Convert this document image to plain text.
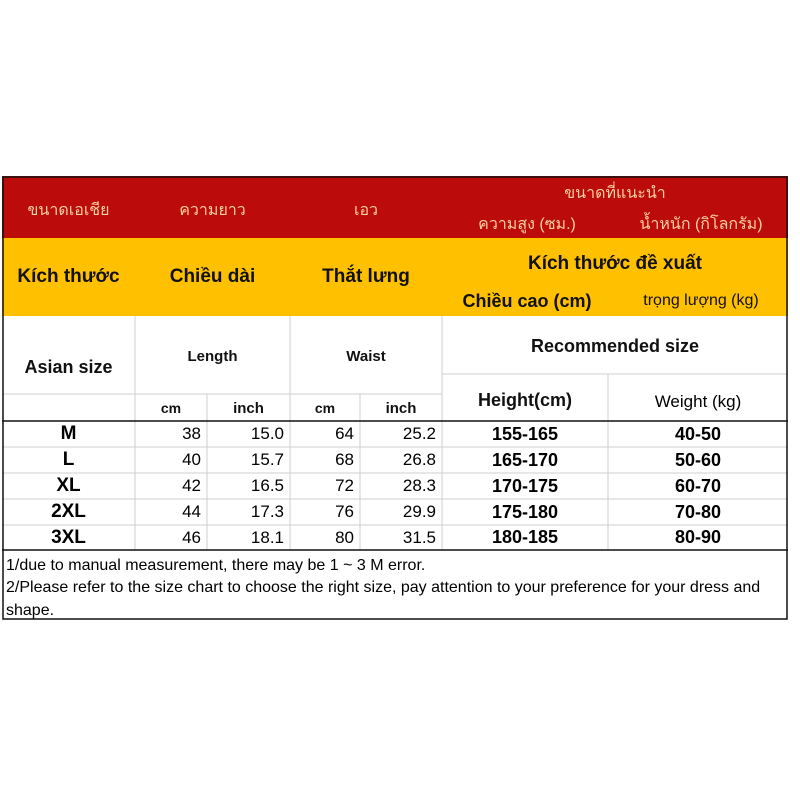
ขนาดเอเชีย	ความยาว	เอว
ขนาดที่แนะนำ
ความสูง (ซม.)	น้ำหนัก (กิโลกรัม)
Kích thước	Chiều dài	Thắt lưng
Kích thước đề xuất
Chiều cao (cm)	trọng lượng (kg)
Asian size
Length	Waist
Recommended size
Height(cm)	Weight (kg)
cm	inch	cm	inch
M	38	15.0	64	25.2	155-165	40-50
L	40	15.7	68	26.8	165-170	50-60
XL	42	16.5	72	28.3	170-175	60-70
2XL	44	17.3	76	29.9	175-180	70-80
3XL	46	18.1	80	31.5	180-185	80-90
1/due to manual measurement, there may be 1 ~ 3 M error.
2/Please refer to the size chart to choose the right size, pay attention to your preference for your dress and shape.
